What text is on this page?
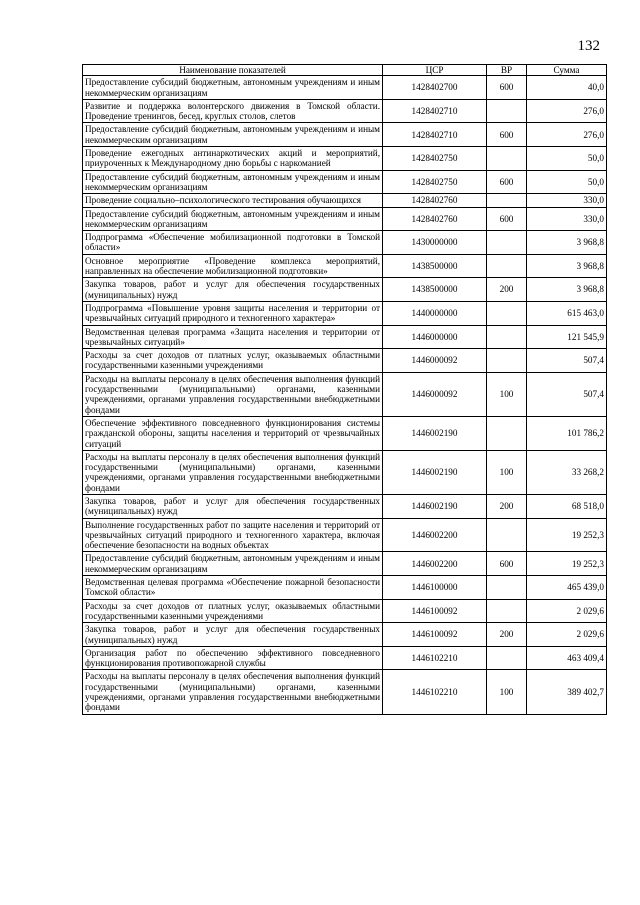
132
Наименование показателей	ЦСР	ВР	Сумма
Предоставление субсидий бюджетным, автономным учреждениям и иным некоммерческим организациям	1428402700	600	40,0
Развитие и поддержка волонтерского движения в Томской области. Проведение тренингов, бесед, круглых столов, слетов	1428402710		276,0
Предоставление субсидий бюджетным, автономным учреждениям и иным некоммерческим организациям	1428402710	600	276,0
Проведение ежегодных антинаркотических акций и мероприятий, приуроченных к Международному дню борьбы с наркоманией	1428402750		50,0
Предоставление субсидий бюджетным, автономным учреждениям и иным некоммерческим организациям	1428402750	600	50,0
Проведение социально–психологического тестирования обучающихся	1428402760		330,0
Предоставление субсидий бюджетным, автономным учреждениям и иным некоммерческим организациям	1428402760	600	330,0
Подпрограмма «Обеспечение мобилизационной подготовки в Томской области»	1430000000		3 968,8
Основное мероприятие «Проведение комплекса мероприятий, направленных на обеспечение мобилизационной подготовки»	1438500000		3 968,8
Закупка товаров, работ и услуг для обеспечения государственных (муниципальных) нужд	1438500000	200	3 968,8
Подпрограмма «Повышение уровня защиты населения и территории от чрезвычайных ситуаций природного и техногенного характера»	1440000000		615 463,0
Ведомственная целевая программа «Защита населения и территории от чрезвычайных ситуаций»	1446000000		121 545,9
Расходы за счет доходов от платных услуг, оказываемых областными государственными казенными учреждениями	1446000092		507,4
Расходы на выплаты персоналу в целях обеспечения выполнения функций государственными (муниципальными) органами, казенными учреждениями, органами управления государственными внебюджетными фондами	1446000092	100	507,4
Обеспечение эффективного повседневного функционирования системы гражданской обороны, защиты населения и территорий от чрезвычайных ситуаций	1446002190		101 786,2
Расходы на выплаты персоналу в целях обеспечения выполнения функций государственными (муниципальными) органами, казенными учреждениями, органами управления государственными внебюджетными фондами	1446002190	100	33 268,2
Закупка товаров, работ и услуг для обеспечения государственных (муниципальных) нужд	1446002190	200	68 518,0
Выполнение государственных работ по защите населения и территорий от чрезвычайных ситуаций природного и техногенного характера, включая обеспечение безопасности на водных объектах	1446002200		19 252,3
Предоставление субсидий бюджетным, автономным учреждениям и иным некоммерческим организациям	1446002200	600	19 252,3
Ведомственная целевая программа «Обеспечение пожарной безопасности Томской области»	1446100000		465 439,0
Расходы за счет доходов от платных услуг, оказываемых областными государственными казенными учреждениями	1446100092		2 029,6
Закупка товаров, работ и услуг для обеспечения государственных (муниципальных) нужд	1446100092	200	2 029,6
Организация работ по обеспечению эффективного повседневного функционирования противопожарной службы	1446102210		463 409,4
Расходы на выплаты персоналу в целях обеспечения выполнения функций государственными (муниципальными) органами, казенными учреждениями, органами управления государственными внебюджетными фондами	1446102210	100	389 402,7
